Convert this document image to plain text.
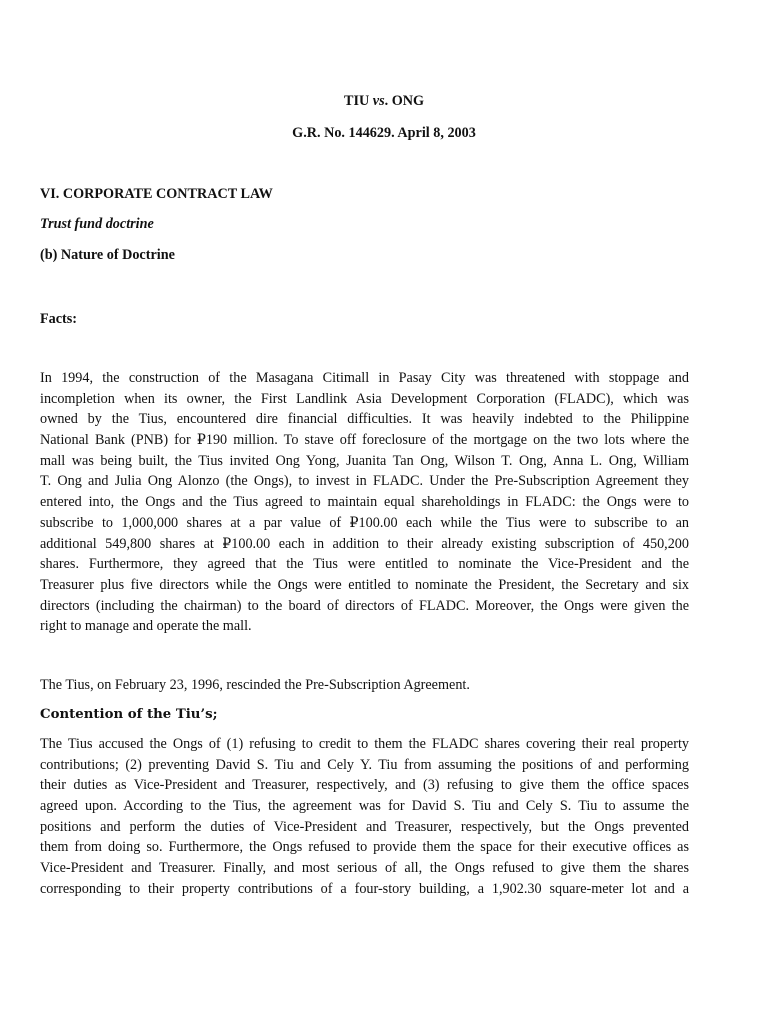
TIU vs. ONG
G.R. No. 144629. April 8, 2003
VI. CORPORATE CONTRACT LAW
Trust fund doctrine
(b) Nature of Doctrine
Facts:
In 1994, the construction of the Masagana Citimall in Pasay City was threatened with stoppage and
incompletion when its owner, the First Landlink Asia Development Corporation (FLADC), which was
owned by the Tius, encountered dire financial difficulties. It was heavily indebted to the Philippine
National Bank (PNB) for ₽190 million. To stave off foreclosure of the mortgage on the two lots where the
mall was being built, the Tius invited Ong Yong, Juanita Tan Ong, Wilson T. Ong, Anna L. Ong, William
T. Ong and Julia Ong Alonzo (the Ongs), to invest in FLADC. Under the Pre-Subscription Agreement they
entered into, the Ongs and the Tius agreed to maintain equal shareholdings in FLADC: the Ongs were to
subscribe to 1,000,000 shares at a par value of ₽100.00 each while the Tius were to subscribe to an
additional 549,800 shares at ₽100.00 each in addition to their already existing subscription of 450,200
shares. Furthermore, they agreed that the Tius were entitled to nominate the Vice-President and the
Treasurer plus five directors while the Ongs were entitled to nominate the President, the Secretary and six
directors (including the chairman) to the board of directors of FLADC. Moreover, the Ongs were given the
right to manage and operate the mall.
The Tius, on February 23, 1996, rescinded the Pre-Subscription Agreement.
Contention of the Tiu’s;
The Tius accused the Ongs of (1) refusing to credit to them the FLADC shares covering their real property
contributions; (2) preventing David S. Tiu and Cely Y. Tiu from assuming the positions of and performing
their duties as Vice-President and Treasurer, respectively, and (3) refusing to give them the office spaces
agreed upon. According to the Tius, the agreement was for David S. Tiu and Cely S. Tiu to assume the
positions and perform the duties of Vice-President and Treasurer, respectively, but the Ongs prevented
them from doing so. Furthermore, the Ongs refused to provide them the space for their executive offices as
Vice-President and Treasurer. Finally, and most serious of all, the Ongs refused to give them the shares
corresponding to their property contributions of a four-story building, a 1,902.30 square-meter lot and a
